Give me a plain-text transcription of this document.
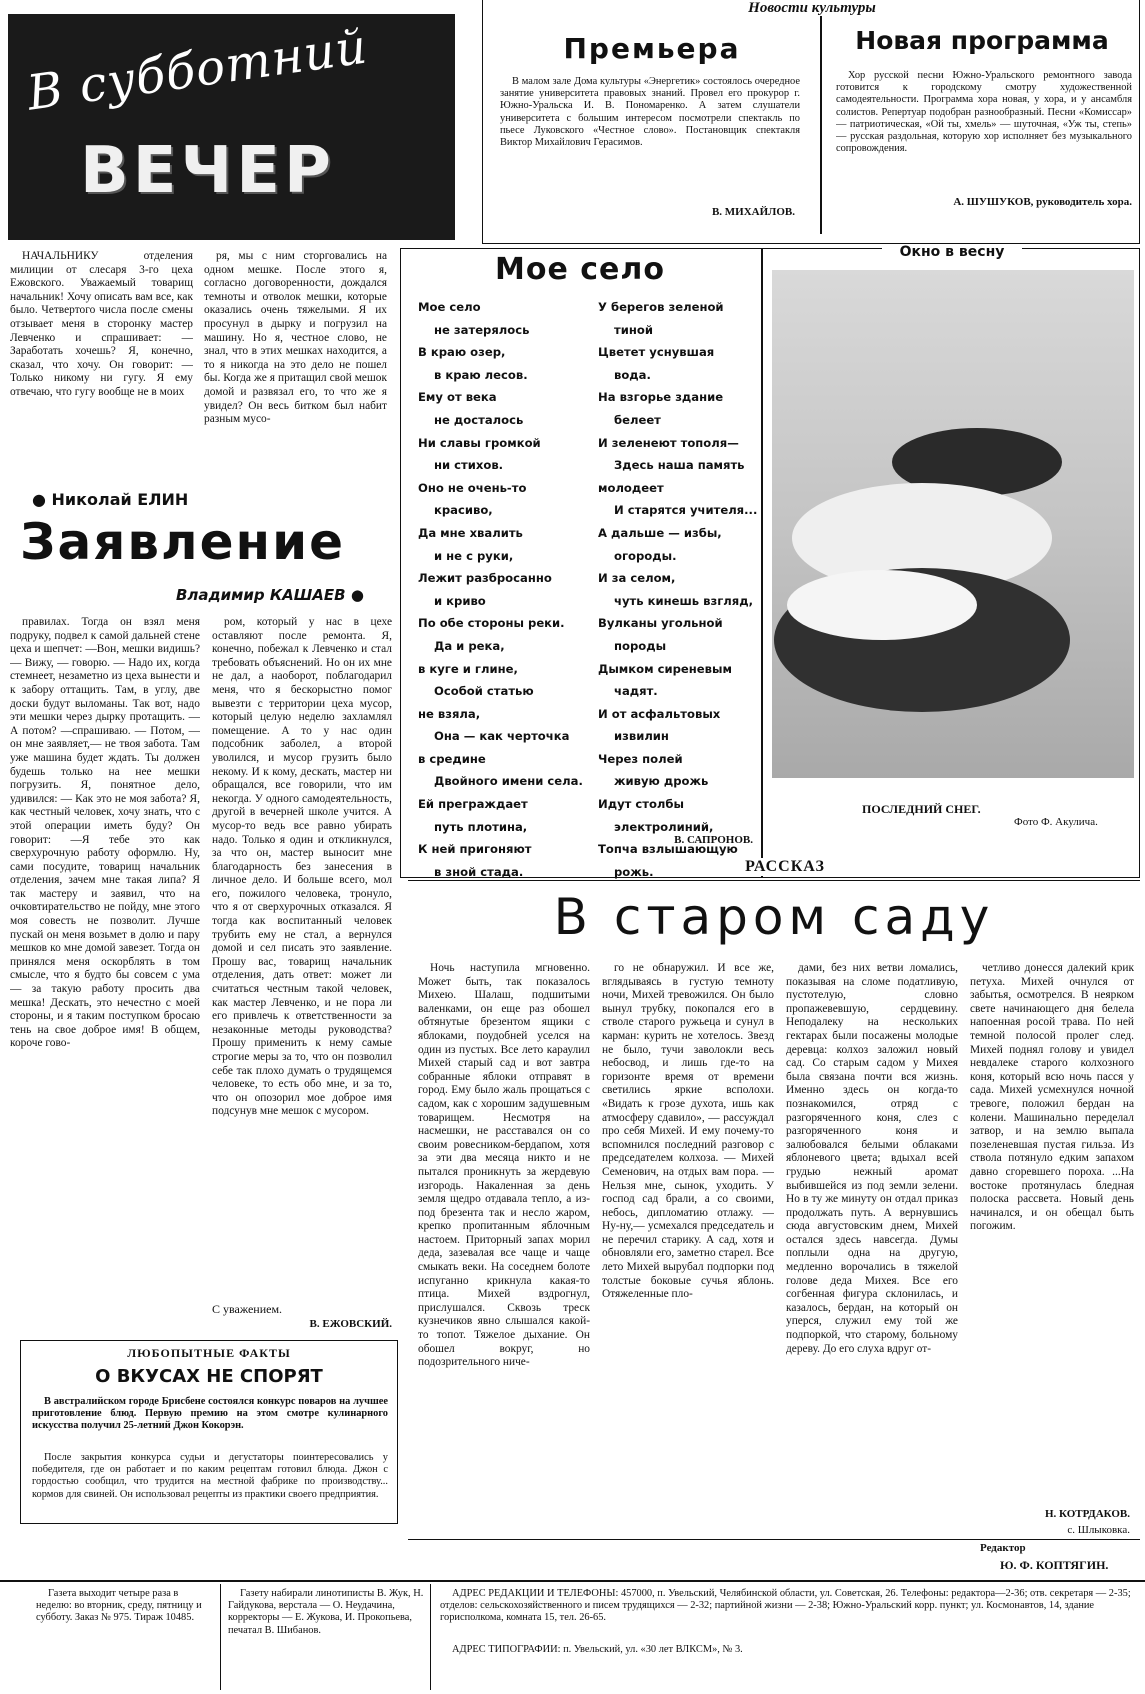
В субботний
ВЕЧЕР
Новости культуры
Премьера

В малом зале Дома культуры «Энергетик» состоялось очередное занятие университета правовых знаний. Провел его прокурор г. Южно-Уральска И. В. Пономаренко. А затем слушатели университета с большим интересом посмотрели спектакль по пьесе Луковского «Честное слово». Постановщик спектакля Виктор Михайлович Герасимов.

В. МИХАЙЛОВ.
Новая программа

Хор русской песни Южно-Уральского ремонтного завода готовится к городскому смотру художественной самодеятельности. Программа хора новая, у хора, и у ансамбля солистов. Репертуар подобран разнообразный. Песни «Комиссар» — патриотическая, «Ой ты, хмель» — шуточная, «Уж ты, степь» — русская раздольная, которую хор исполняет без музыкального сопровождения.

А. ШУШУКОВ, руководитель хора.

НАЧАЛЬНИКУ отделения милиции от слесаря 3-го цеха Ежовского. Уважаемый товарищ начальник! Хочу описать вам все, как было. Четвертого числа после смены отзывает меня в сторонку мастер Левченко и спрашивает: — Заработать хочешь? Я, конечно, сказал, что хочу. Он говорит: — Только никому ни гугу. Я ему отвечаю, что гугу вообще не в моих

ря, мы с ним сторговались на одном мешке. После этого я, согласно договоренности, дождался темноты и отволок мешки, которые оказались очень тяжелыми. Я их просунул в дырку и погрузил на машину. Но я, честное слово, не знал, что в этих мешках находится, а то я никогда на это дело не пошел бы. Когда же я притащил свой мешок домой и развязал его, то что же я увидел? Он весь битком был набит разным мусо-

● Николай ЕЛИН
Заявление
Владимир КАШАЕВ ●

правилах. Тогда он взял меня подруку, подвел к самой дальней стене цеха и шепчет: —Вон, мешки видишь? — Вижу, — говорю. — Надо их, когда стемнеет, незаметно из цеха вынести и к забору оттащить. Там, в углу, две доски будут выломаны. Так вот, надо эти мешки через дырку протащить. — А потом? —спрашиваю. — Потом, — он мне заявляет,— не твоя забота. Там уже машина будет ждать. Ты должен будешь только на нее мешки погрузить. Я, понятное дело, удивился: — Как это не моя забота? Я, как честный человек, хочу знать, что с этой операции иметь буду? Он говорит: —Я тебе это как сверхурочную работу оформлю. Ну, сами посудите, товарищ начальник отделения, зачем мне такая липа? Я так мастеру и заявил, что на очковтирательство не пойду, мне этого моя совесть не позволит. Лучше пускай он меня возьмет в долю и пару мешков ко мне домой завезет. Тогда он принялся меня оскорблять в том смысле, что я будто бы совсем с ума — за такую работу просить два мешка! Дескать, это нечестно с моей стороны, и я таким поступком бросаю тень на свое доброе имя! В общем, короче гово-

ром, который у нас в цехе оставляют после ремонта. Я, конечно, побежал к Левченко и стал требовать объяснений. Но он их мне не дал, а наоборот, поблагодарил меня, что я бескорыстно помог вывезти с территории цеха мусор, который целую неделю захламлял помещение. А то у нас один подсобник заболел, а второй уволился, и мусор грузить было некому. И к кому, дескать, мастер ни обращался, все говорили, что им некогда. У одного самодеятельность, другой в вечерней школе учится. А мусор-то ведь все равно убирать надо. Только я один и откликнулся, за что он, мастер выносит мне благодарность без занесения в личное дело. И больше всего, мол его, пожилого человека, тронуло, что я от сверхурочных отказался. Я тогда как воспитанный человек трубить ему не стал, а вернулся домой и сел писать это заявление. Прошу вас, товарищ начальник отделения, дать ответ: может ли считаться честным такой человек, как мастер Левченко, и не пора ли его привлечь к ответственности за незаконные методы руководства? Прошу применить к нему самые строгие меры за то, что он позволил себе так плохо думать о трудящемся человеке, то есть обо мне, и за то, что он опозорил мое доброе имя подсунув мне мешок с мусором.

С уважением.
В. ЕЖОВСКИЙ.
ЛЮБОПЫТНЫЕ ФАКТЫ
О ВКУСАХ НЕ СПОРЯТ

В австралийском городе Брисбене состоялся конкурс поваров на лучшее приготовление блюд. Первую премию на этом смотре кулинарного искусства получил 25-летний Джон Кокорэн.

После закрытия конкурса судьи и дегустаторы поинтересовались у победителя, где он работает и по каким рецептам готовил блюда. Джон с гордостью сообщил, что трудится на местной фабрике по производству... кормов для свиней. Он использовал рецепты из практики своего предприятия.

Мое село
Мое село
не затерялось
В краю озер,
в краю лесов.
Ему от века
не досталось
Ни славы громкой
ни стихов.
Оно не очень-то
красиво,
Да мне хвалить
и не с руки,
Лежит разбросанно
и криво
По обе стороны реки.
Да и река,
в куге и глине,
Особой статью
не взяла,
Она — как черточка
в средине
Двойного имени села.
Ей преграждает
путь плотина,
К ней пригоняют
в зной стада.
У берегов зеленой
тиной
Цветет уснувшая
вода.
На взгорье здание
белеет
И зеленеют тополя—
Здесь наша память
молодеет
И старятся учителя...
А дальше — избы,
огороды.
И за селом,
чуть кинешь взгляд,
Вулканы угольной
породы
Дымком сиреневым
чадят.
И от асфальтовых
извилин
Через полей
живую дрожь
Идут столбы
электролиний,
Топча взлышающую
рожь.
В. САПРОНОВ.
Окно в весну
ПОСЛЕДНИЙ СНЕГ.
Фото Ф. Акулича.
РАССКАЗ
В старом саду

Ночь наступила мгновенно. Может быть, так показалось Михею. Шалаш, подшитыми валенками, он еще раз обошел обтянутые брезентом ящики с яблоками, поудобней уселся на один из пустых. Все лето караулил Михей старый сад и вот завтра собранные яблоки отправят в город. Ему было жаль прощаться с садом, как с хорошим задушевным товарищем. Несмотря на насмешки, не расставался он со своим ровесником-бердапом, хотя за эти два месяца никто и не пытался проникнуть за жердевую изгородь. Накаленная за день земля щедро отдавала тепло, а из-под брезента так и несло жаром, крепко пропитанным яблочным настоем. Приторный запах морил деда, зазевалая все чаще и чаще смыкать веки. На соседнем болоте испуганно крикнула какая-то птица. Михей вздрогнул, прислушался. Сквозь треск кузнечиков явно слышался какой-то топот. Тяжелое дыхание. Он обошел вокруг, но подозрительного ниче-

го не обнаружил. И все же, вглядываясь в густую темноту ночи, Михей тревожился. Он было вынул трубку, покопался его в стволе старого ружьеца и сунул в карман: курить не хотелось. Звезд не было, тучи заволокли весь небосвод, и лишь где-то на горизонте время от времени светились яркие всполохи. «Видать к грозе духота, ишь как атмосферу сдавило», — рассуждал про себя Михей. И ему почему-то вспомнился последний разговор с председателем колхоза. — Михей Семенович, на отдых вам пора. — Нельзя мне, сынок, уходить. У господ сад брали, а со своими, небось, дипломатию отлажу. — Ну-ну,— усмехался председатель и не перечил старику. А сад, хотя и обновляли его, заметно старел. Все лето Михей вырубал подпорки под толстые боковые сучья яблонь. Отяжеленные пло-

дами, без них ветви ломались, показывая на сломе податливую, пустотелую, словно пропажевевшую, сердцевину. Неподалеку на нескольких гектарах были посажены молодые деревца: колхоз заложил новый сад. Со старым садом у Михея была связана почти вся жизнь. Именно здесь он когда-то познакомился, отряд с разгоряченного коня, слез с разгоряченного коня и залюбовался белыми облаками яблоневого цвета; вдыхал всей грудью нежный аромат выбившейся из под земли зелени. Но в ту же минуту он отдал приказ продолжать путь. А вернувшись сюда августовским днем, Михей остался здесь навсегда. Думы поплыли одна на другую, медленно ворочались в тяжелой голове деда Михея. Все его согбенная фигура склонилась, и казалось, бердан, на который он уперся, служил ему той же подпоркой, что старому, больному дереву. До его слуха вдруг от-

четливо донесся далекий крик петуха. Михей очнулся от забытья, осмотрелся. В неярком свете начинающего дня белела напоенная росой трава. По ней темной полосой пролег след. Михей поднял голову и увидел невдалеке старого колхозного коня, который всю ночь пасся у сада. Михей усмехнулся ночной тревоге, положил бердан на колени. Машинально переделал затвор, и на землю выпала позеленевшая пустая гильза. Из ствола потянуло едким запахом давно сгоревшего пороха. ...На востоке протянулась бледная полоска рассвета. Новый день начинался, и он обещал быть погожим.

Н. КОТРДАКОВ.
с. Шлыковка.
Редактор
Ю. Ф. КОПТЯГИН.

Газета выходит четыре раза в неделю: во вторник, среду, пятницу и субботу. Заказ № 975. Тираж 10485.

Газету набирали линотиписты В. Жук, Н. Гайдукова, верстала — О. Неудачина, корректоры — Е. Жукова, И. Прокопьева, печатал В. Шибанов.

АДРЕС РЕДАКЦИИ И ТЕЛЕФОНЫ: 457000, п. Увельский, Челябинской области, ул. Советская, 26. Телефоны: редактора—2-36; отв. секретаря — 2-35; отделов: сельскохозяйственного и писем трудящихся — 2-32; партийной жизни — 2-38; Южно-Уральский корр. пункт; ул. Космонавтов, 14, здание горисполкома, комната 15, тел. 26-65.

АДРЕС ТИПОГРАФИИ: п. Увельский, ул. «30 лет ВЛКСМ», № 3.
